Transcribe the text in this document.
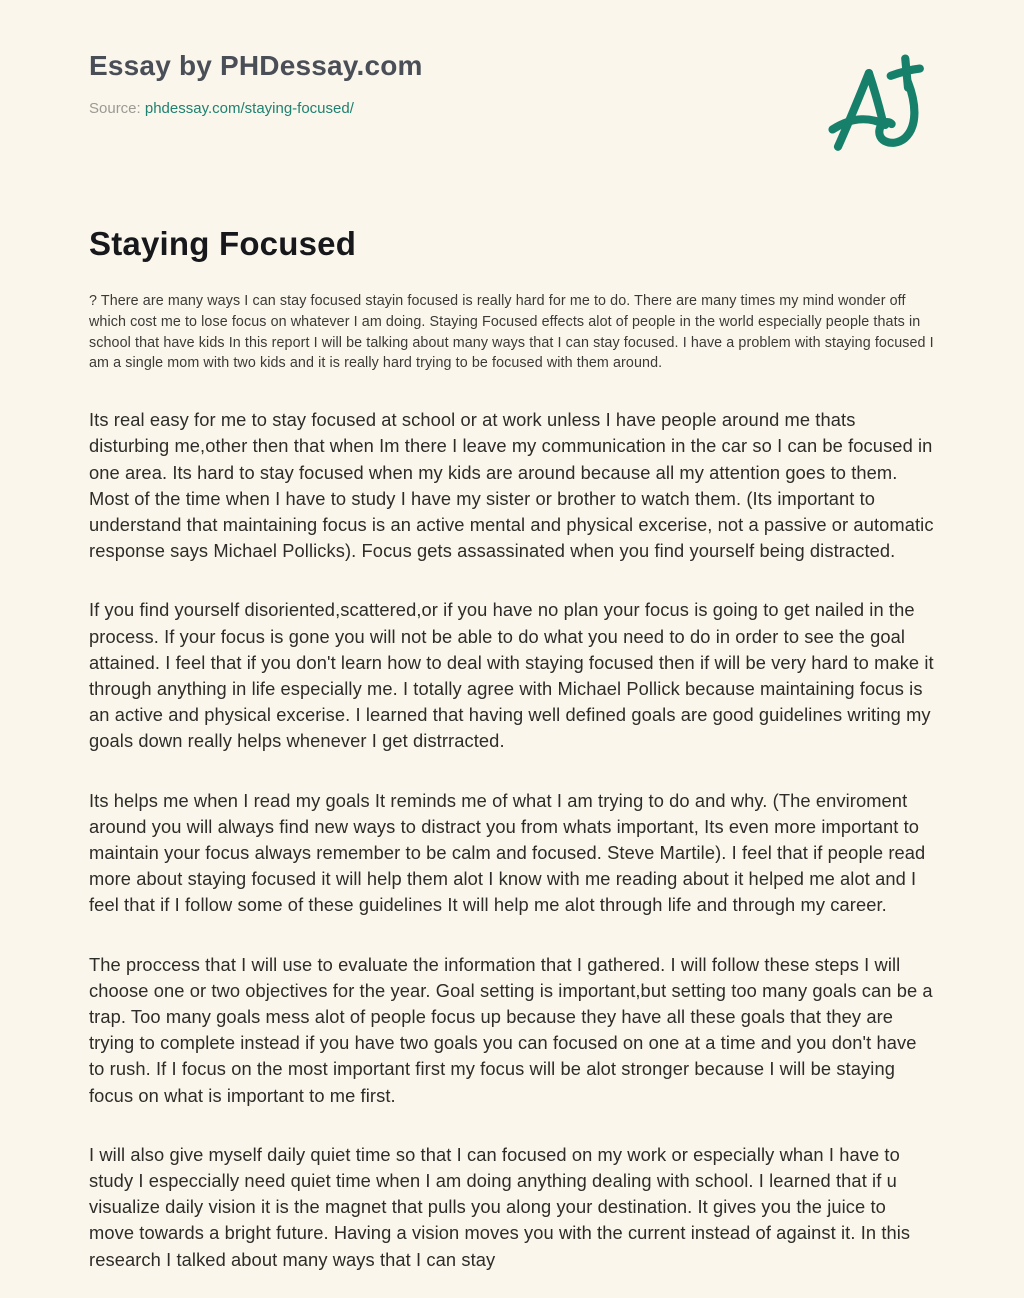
Essay by PHDessay.com
Source: phdessay.com/staying-focused/
Staying Focused

? There are many ways I can stay focused stayin focused is really hard for me to do. There are many times my mind wonder off which cost me to lose focus on whatever I am doing. Staying Focused effects alot of people in the world especially people thats in school that have kids In this report I will be talking about many ways that I can stay focused. I have a problem with staying focused I am a single mom with two kids and it is really hard trying to be focused with them around.

Its real easy for me to stay focused at school or at work unless I have people around me thats disturbing me,other then that when Im there I leave my communication in the car so I can be focused in one area. Its hard to stay focused when my kids are around because all my attention goes to them. Most of the time when I have to study I have my sister or brother to watch them. (Its important to understand that maintaining focus is an active mental and physical excerise, not a passive or automatic response says Michael Pollicks). Focus gets assassinated when you find yourself being distracted.

If you find yourself disoriented,scattered,or if you have no plan your focus is going to get nailed in the process. If your focus is gone you will not be able to do what you need to do in order to see the goal attained. I feel that if you don't learn how to deal with staying focused then if will be very hard to make it through anything in life especially me. I totally agree with Michael Pollick because maintaining focus is an active and physical excerise. I learned that having well defined goals are good guidelines writing my goals down really helps whenever I get distrracted.

Its helps me when I read my goals It reminds me of what I am trying to do and why. (The enviroment around you will always find new ways to distract you from whats important, Its even more important to maintain your focus always remember to be calm and focused. Steve Martile). I feel that if people read more about staying focused it will help them alot I know with me reading about it helped me alot and I feel that if I follow some of these guidelines It will help me alot through life and through my career.

The proccess that I will use to evaluate the information that I gathered. I will follow these steps I will choose one or two objectives for the year. Goal setting is important,but setting too many goals can be a trap. Too many goals mess alot of people focus up because they have all these goals that they are trying to complete instead if you have two goals you can focused on one at a time and you don't have to rush. If I focus on the most important first my focus will be alot stronger because I will be staying focus on what is important to me first.

I will also give myself daily quiet time so that I can focused on my work or especially whan I have to study I especcially need quiet time when I am doing anything dealing with school. I learned that if u visualize daily vision it is the magnet that pulls you along your destination. It gives you the juice to move towards a bright future. Having a vision moves you with the current instead of against it. In this research I talked about many ways that I can stay
